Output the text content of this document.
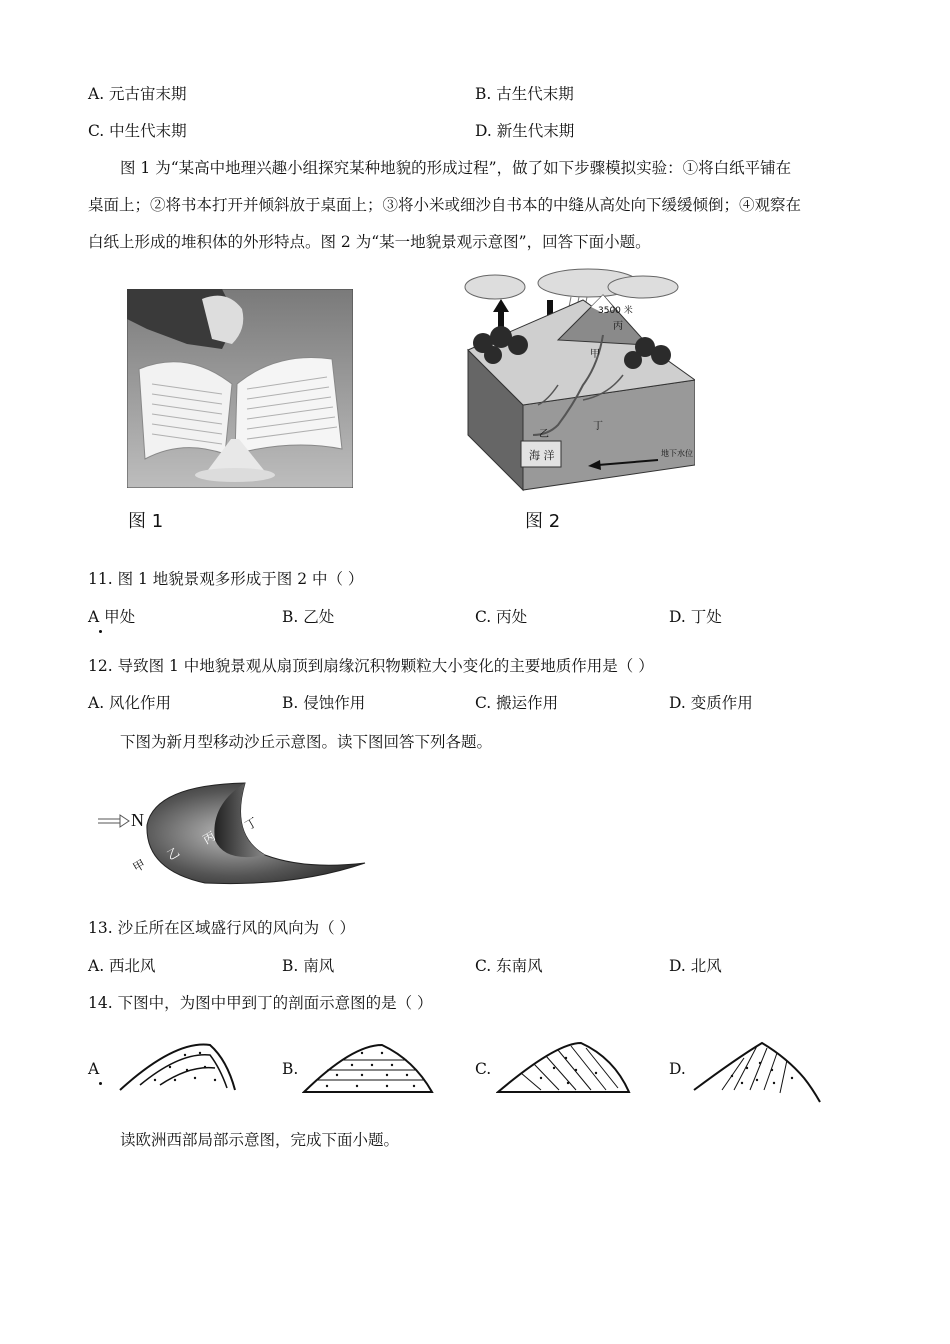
A. 元古宙末期	B. 古生代末期
C. 中生代末期	D. 新生代末期
图 1 为“某高中地理兴趣小组探究某种地貌的形成过程”，做了如下步骤模拟实验：①将白纸平铺在
桌面上；②将书本打开并倾斜放于桌面上；③将小米或细沙自书本的中缝从高处向下缓缓倾倒；④观察在
白纸上形成的堆积体的外形特点。图 2 为“某一地貌景观示意图”，回答下面小题。
图 1
3500 米
丙
甲
乙
丁
海 洋	地下水位
图 2
11. 图 1 地貌景观多形成于图 2 中（ ）
A 甲处	B. 乙处	C. 丙处	D. 丁处
12. 导致图 1 中地貌景观从扇顶到扇缘沉积物颗粒大小变化的主要地质作用是（ ）
A. 风化作用	B. 侵蚀作用	C. 搬运作用	D. 变质作用
下图为新月型移动沙丘示意图。读下图回答下列各题。
N
甲
乙
丙
丁
13. 沙丘所在区域盛行风的风向为（ ）
A. 西北风	B. 南风	C. 东南风	D. 北风
14. 下图中，为图中甲到丁的剖面示意图的是（ ）
A	B.	C.	D.
读欧洲西部局部示意图，完成下面小题。
